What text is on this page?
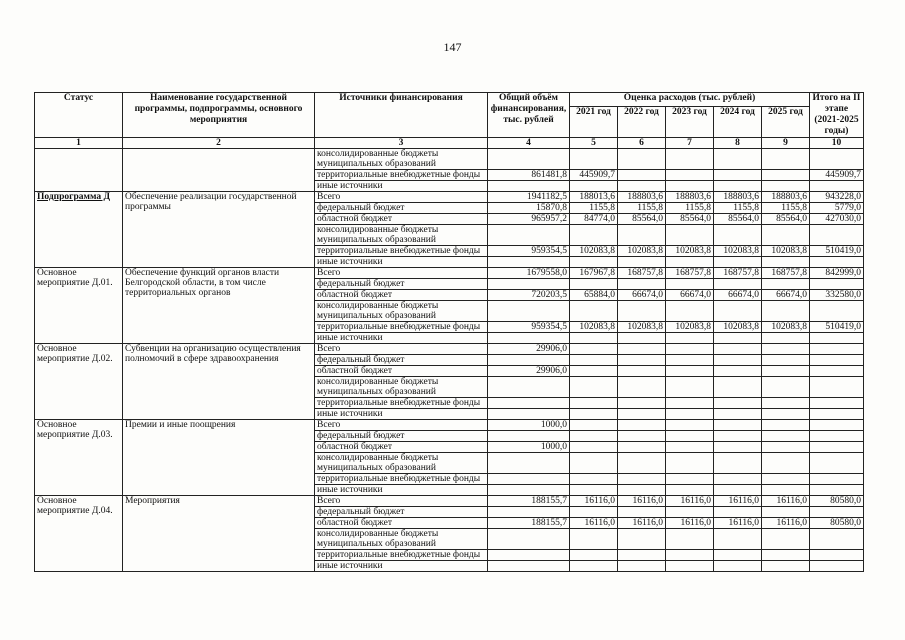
147
Статус	Наименование государственной программы, подпрограммы, основного мероприятия	Источники финансирования	Общий объём финансирования, тыс. рублей	Оценка расходов (тыс. рублей)					Итого на II этапе (2021-2025 годы)
				2021 год	2022 год	2023 год	2024 год	2025 год	
1	2	3	4	5	6	7	8	9	10
		консолидированные бюджеты муниципальных образований							
		территориальные внебюджетные фонды	861481,8	445909,7					445909,7
		иные источники							
Подпрограмма Д	Обеспечение реализации государственной программы	Всего	1941182,5	188013,6	188803,6	188803,6	188803,6	188803,6	943228,0
		федеральный бюджет	15870,8	1155,8	1155,8	1155,8	1155,8	1155,8	5779,0
		областной бюджет	965957,2	84774,0	85564,0	85564,0	85564,0	85564,0	427030,0
		консолидированные бюджеты муниципальных образований							
		территориальные внебюджетные фонды	959354,5	102083,8	102083,8	102083,8	102083,8	102083,8	510419,0
		иные источники							
Основное мероприятие Д.01.	Обеспечение функций органов власти Белгородской области, в том числе территориальных органов	Всего	1679558,0	167967,8	168757,8	168757,8	168757,8	168757,8	842999,0
		федеральный бюджет							
		областной бюджет	720203,5	65884,0	66674,0	66674,0	66674,0	66674,0	332580,0
		консолидированные бюджеты муниципальных образований							
		территориальные внебюджетные фонды	959354,5	102083,8	102083,8	102083,8	102083,8	102083,8	510419,0
		иные источники							
Основное мероприятие Д.02.	Субвенции на организацию осуществления полномочий в сфере здравоохранения	Всего	29906,0						
		федеральный бюджет							
		областной бюджет	29906,0						
		консолидированные бюджеты муниципальных образований							
		территориальные внебюджетные фонды							
		иные источники							
Основное мероприятие Д.03.	Премии и иные поощрения	Всего	1000,0						
		федеральный бюджет							
		областной бюджет	1000,0						
		консолидированные бюджеты муниципальных образований							
		территориальные внебюджетные фонды							
		иные источники							
Основное мероприятие Д.04.	Мероприятия	Всего	188155,7	16116,0	16116,0	16116,0	16116,0	16116,0	80580,0
		федеральный бюджет							
		областной бюджет	188155,7	16116,0	16116,0	16116,0	16116,0	16116,0	80580,0
		консолидированные бюджеты муниципальных образований							
		территориальные внебюджетные фонды							
		иные источники							
